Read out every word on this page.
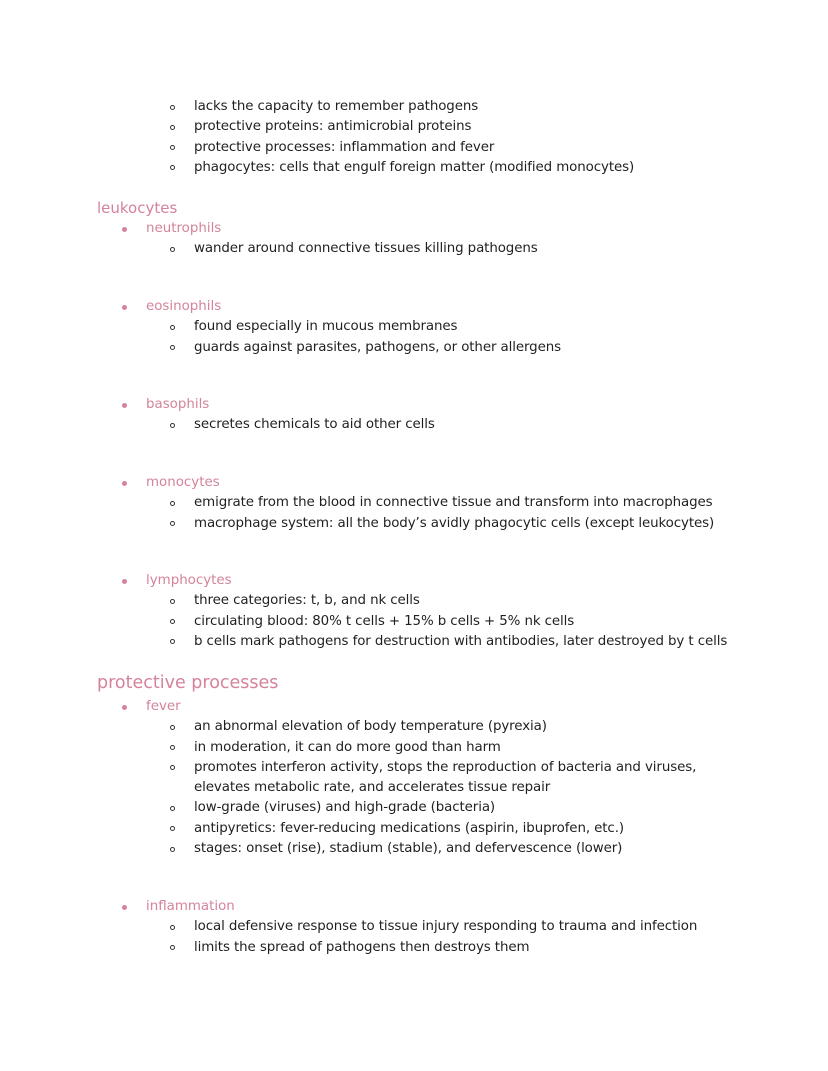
lacks the capacity to remember pathogens
protective proteins: antimicrobial proteins
protective processes: inflammation and fever
phagocytes: cells that engulf foreign matter (modified monocytes)
leukocytes
neutrophils
wander around connective tissues killing pathogens
eosinophils
found especially in mucous membranes
guards against parasites, pathogens, or other allergens
basophils
secretes chemicals to aid other cells
monocytes
emigrate from the blood in connective tissue and transform into macrophages
macrophage system: all the body’s avidly phagocytic cells (except leukocytes)
lymphocytes
three categories: t, b, and nk cells
circulating blood: 80% t cells + 15% b cells + 5% nk cells
b cells mark pathogens for destruction with antibodies, later destroyed by t cells
protective processes
fever
an abnormal elevation of body temperature (pyrexia)
in moderation, it can do more good than harm
promotes interferon activity, stops the reproduction of bacteria and viruses, elevates metabolic rate, and accelerates tissue repair
low-grade (viruses) and high-grade (bacteria)
antipyretics: fever-reducing medications (aspirin, ibuprofen, etc.)
stages: onset (rise), stadium (stable), and defervescence (lower)
inflammation
local defensive response to tissue injury responding to trauma and infection
limits the spread of pathogens then destroys them
